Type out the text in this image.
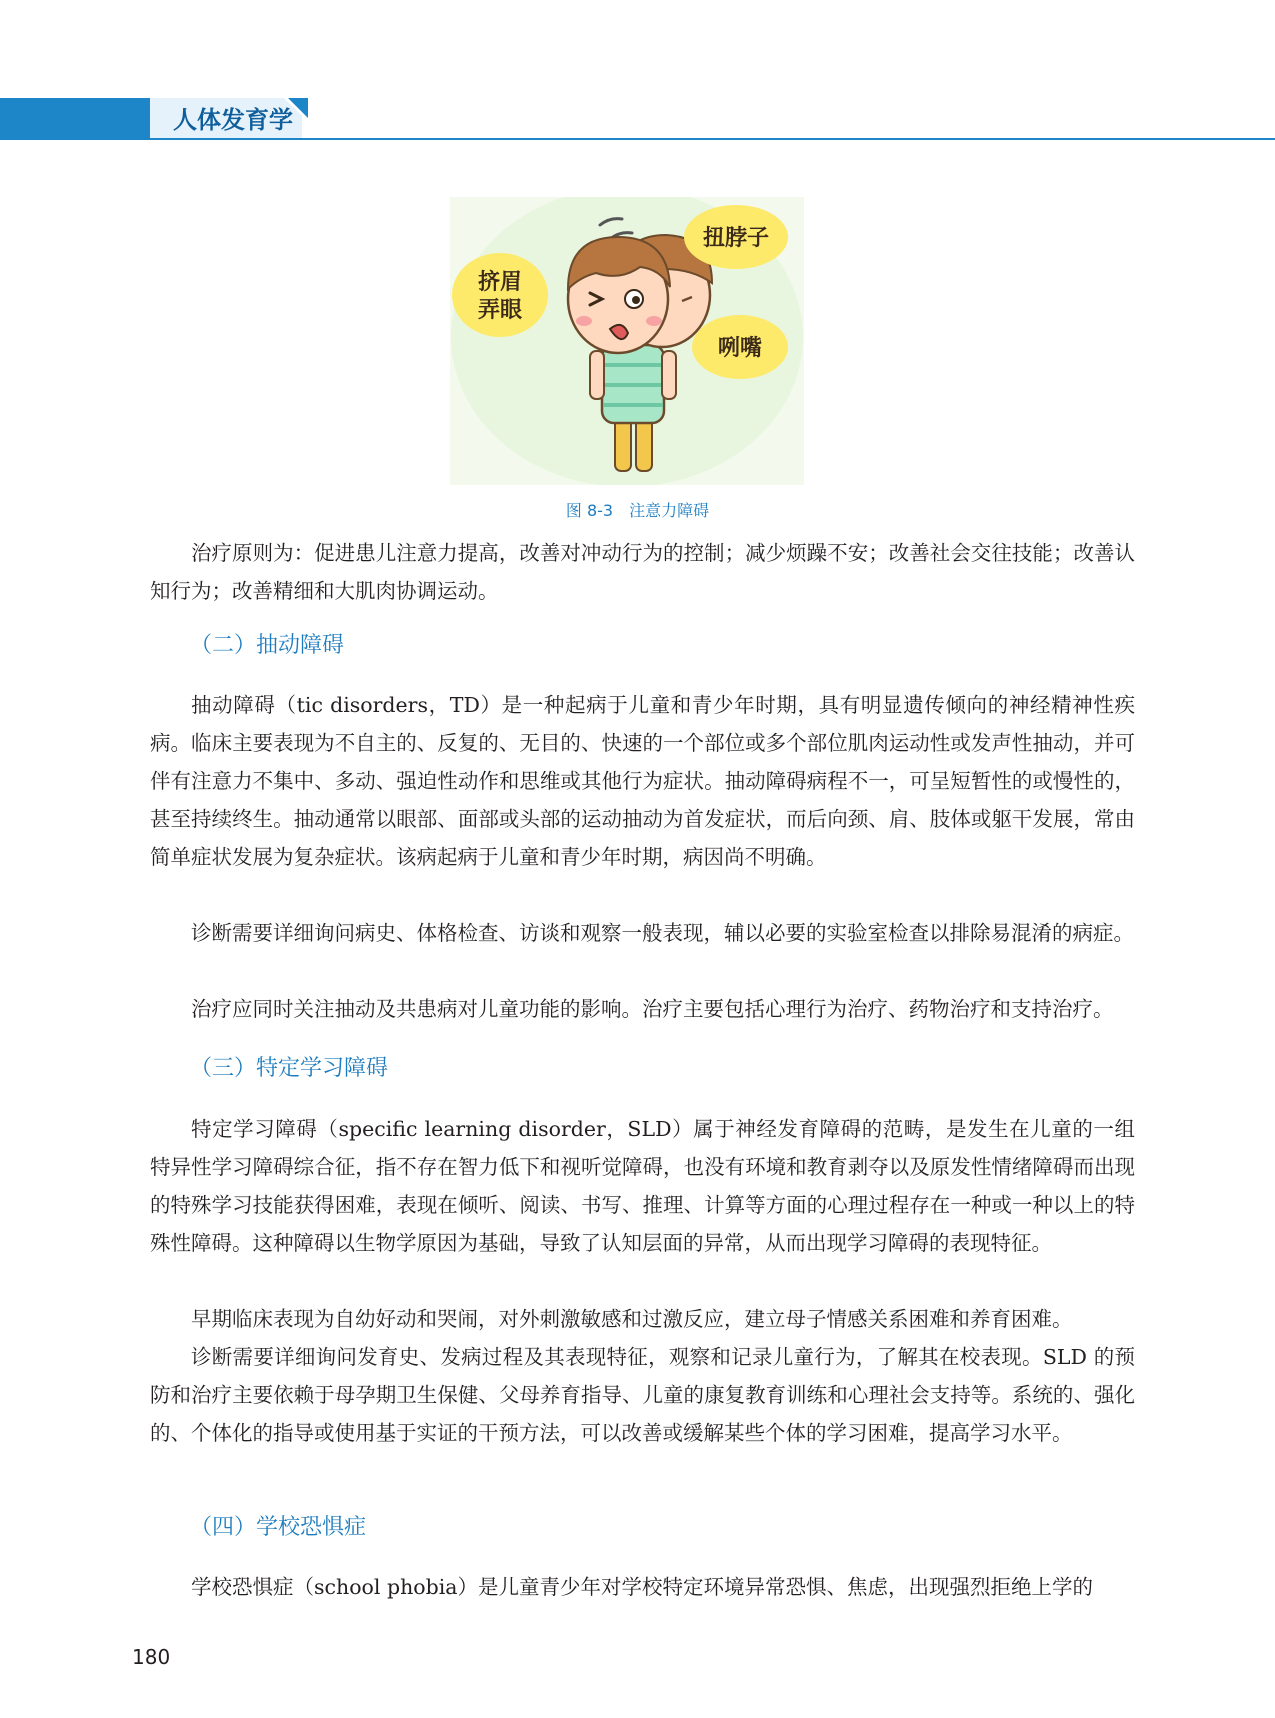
人体发育学
挤眉
弄眼
扭脖子
咧嘴

图 8-3　注意力障碍

治疗原则为：促进患儿注意力提高，改善对冲动行为的控制；减少烦躁不安；改善社会交往技能；改善认知行为；改善精细和大肌肉协调运动。

（二）抽动障碍

抽动障碍（tic disorders，TD）是一种起病于儿童和青少年时期，具有明显遗传倾向的神经精神性疾病。临床主要表现为不自主的、反复的、无目的、快速的一个部位或多个部位肌肉运动性或发声性抽动，并可伴有注意力不集中、多动、强迫性动作和思维或其他行为症状。抽动障碍病程不一，可呈短暂性的或慢性的，甚至持续终生。抽动通常以眼部、面部或头部的运动抽动为首发症状，而后向颈、肩、肢体或躯干发展，常由简单症状发展为复杂症状。该病起病于儿童和青少年时期，病因尚不明确。

诊断需要详细询问病史、体格检查、访谈和观察一般表现，辅以必要的实验室检查以排除易混淆的病症。

治疗应同时关注抽动及共患病对儿童功能的影响。治疗主要包括心理行为治疗、药物治疗和支持治疗。

（三）特定学习障碍

特定学习障碍（specific learning disorder，SLD）属于神经发育障碍的范畴，是发生在儿童的一组特异性学习障碍综合征，指不存在智力低下和视听觉障碍，也没有环境和教育剥夺以及原发性情绪障碍而出现的特殊学习技能获得困难，表现在倾听、阅读、书写、推理、计算等方面的心理过程存在一种或一种以上的特殊性障碍。这种障碍以生物学原因为基础，导致了认知层面的异常，从而出现学习障碍的表现特征。

早期临床表现为自幼好动和哭闹，对外刺激敏感和过激反应，建立母子情感关系困难和养育困难。

诊断需要详细询问发育史、发病过程及其表现特征，观察和记录儿童行为，了解其在校表现。SLD 的预防和治疗主要依赖于母孕期卫生保健、父母养育指导、儿童的康复教育训练和心理社会支持等。系统的、强化的、个体化的指导或使用基于实证的干预方法，可以改善或缓解某些个体的学习困难，提高学习水平。

（四）学校恐惧症

学校恐惧症（school phobia）是儿童青少年对学校特定环境异常恐惧、焦虑，出现强烈拒绝上学的

180
